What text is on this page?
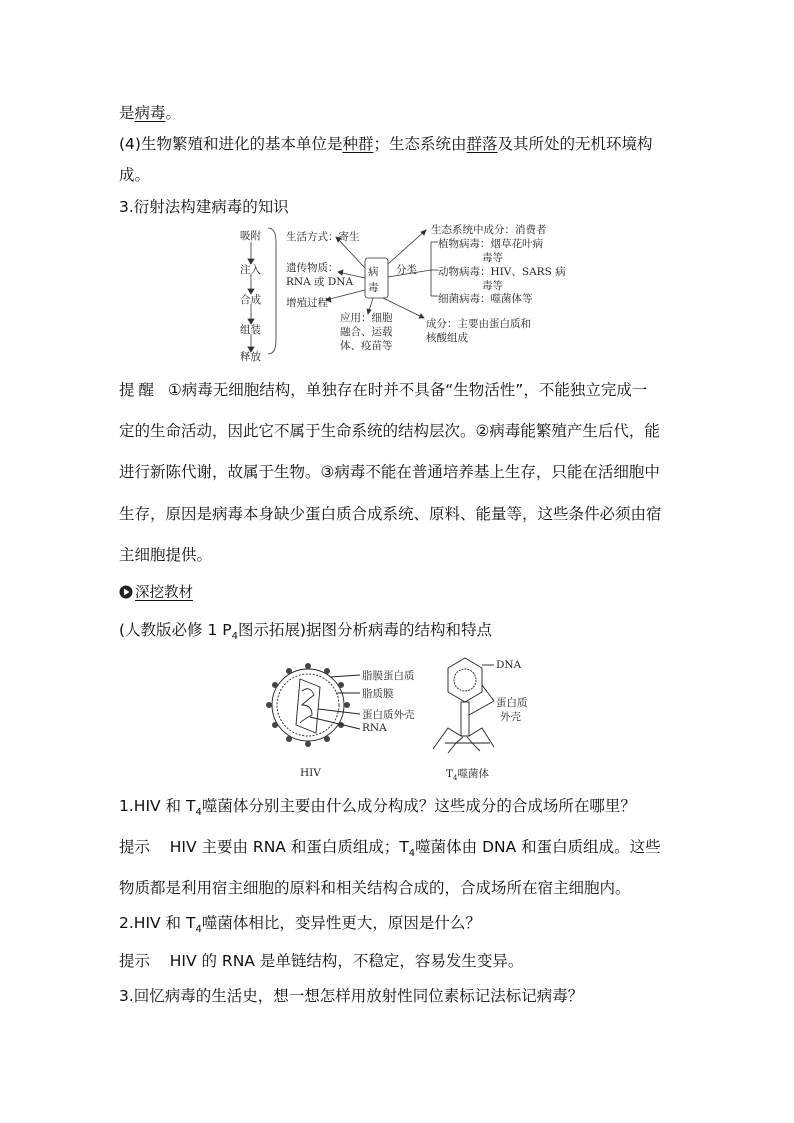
是病毒。
(4)生物繁殖和进化的基本单位是种群；生态系统由群落及其所处的无机环境构
成。
3.衍射法构建病毒的知识
吸附
注入
合成
组装
释放
病
毒
生活方式：寄生
遗传物质：
RNA 或 DNA
增殖过程
应用：细胞
融合、运载
体、疫苗等
成分：主要由蛋白质和
核酸组成
生态系统中成分：消费者
分类
植物病毒：烟草花叶病
毒等
动物病毒：HIV、SARS 病
毒等
细菌病毒：噬菌体等
提醒 ①病毒无细胞结构，单独存在时并不具备“生物活性”，不能独立完成一
定的生命活动，因此它不属于生命系统的结构层次。②病毒能繁殖产生后代，能
进行新陈代谢，故属于生物。③病毒不能在普通培养基上生存，只能在活细胞中
生存，原因是病毒本身缺少蛋白质合成系统、原料、能量等，这些条件必须由宿
主细胞提供。
深挖教材
(人教版必修 1 $P_4$图示拓展)据图分析病毒的结构和特点
脂膜蛋白质
脂质膜
蛋白质外壳
RNA
HIV
DNA
蛋白质
外壳
$T_4$噬菌体
1.HIV 和 $T_4$噬菌体分别主要由什么成分构成？这些成分的合成场所在哪里？
提示 HIV 主要由 RNA 和蛋白质组成；$T_4$噬菌体由 DNA 和蛋白质组成。这些
物质都是利用宿主细胞的原料和相关结构合成的，合成场所在宿主细胞内。
2.HIV 和 $T_4$噬菌体相比，变异性更大，原因是什么？
提示 HIV 的 RNA 是单链结构，不稳定，容易发生变异。
3.回忆病毒的生活史，想一想怎样用放射性同位素标记法标记病毒？
